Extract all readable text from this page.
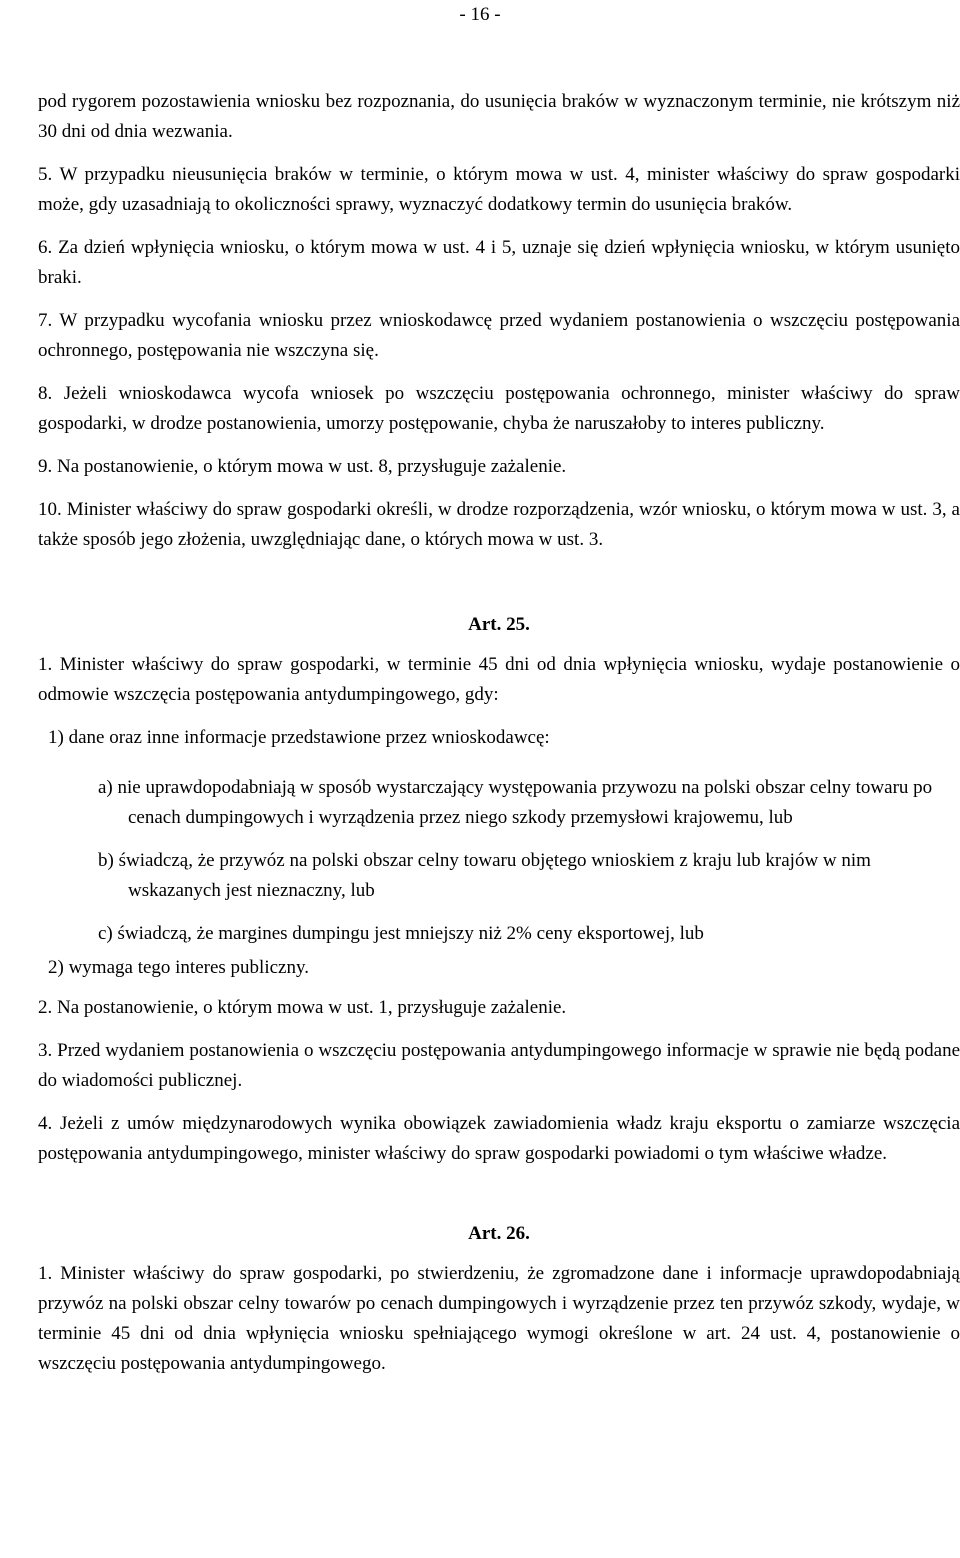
- 16 -

pod rygorem pozostawienia wniosku bez rozpoznania, do usunięcia braków w wyznaczonym terminie, nie krótszym niż 30 dni od dnia wezwania.

5. W przypadku nieusunięcia braków w terminie, o którym mowa w ust. 4, minister właściwy do spraw gospodarki może, gdy uzasadniają to okoliczności sprawy, wyznaczyć dodatkowy termin do usunięcia braków.

6. Za dzień wpłynięcia wniosku, o którym mowa w ust. 4 i 5, uznaje się dzień wpłynięcia wniosku, w którym usunięto braki.

7. W przypadku wycofania wniosku przez wnioskodawcę przed wydaniem postanowienia o wszczęciu postępowania ochronnego, postępowania nie wszczyna się.

8. Jeżeli wnioskodawca wycofa wniosek po wszczęciu postępowania ochronnego, minister właściwy do spraw gospodarki, w drodze postanowienia, umorzy postępowanie, chyba że naruszałoby to interes publiczny.

9. Na postanowienie, o którym mowa w ust. 8, przysługuje zażalenie.

10. Minister właściwy do spraw gospodarki określi, w drodze rozporządzenia, wzór wniosku, o którym mowa w ust. 3, a także sposób jego złożenia, uwzględniając dane, o których mowa w ust. 3.

Art. 25.

1. Minister właściwy do spraw gospodarki, w terminie 45 dni od dnia wpłynięcia wniosku, wydaje postanowienie o odmowie wszczęcia postępowania antydumpingowego, gdy:

1) dane oraz inne informacje przedstawione przez wnioskodawcę:

a) nie uprawdopodabniają w sposób wystarczający występowania przywozu na polski obszar celny towaru po cenach dumpingowych i wyrządzenia przez niego szkody przemysłowi krajowemu, lub

b) świadczą, że przywóz na polski obszar celny towaru objętego wnioskiem z kraju lub krajów w nim wskazanych jest nieznaczny, lub

c) świadczą, że margines dumpingu jest mniejszy niż 2% ceny eksportowej, lub

2) wymaga tego interes publiczny.

2. Na postanowienie, o którym mowa w ust. 1, przysługuje zażalenie.

3. Przed wydaniem postanowienia o wszczęciu postępowania antydumpingowego informacje w sprawie nie będą podane do wiadomości publicznej.

4. Jeżeli z umów międzynarodowych wynika obowiązek zawiadomienia władz kraju eksportu o zamiarze wszczęcia postępowania antydumpingowego, minister właściwy do spraw gospodarki powiadomi o tym właściwe władze.

Art. 26.

1. Minister właściwy do spraw gospodarki, po stwierdzeniu, że zgromadzone dane i informacje uprawdopodabniają przywóz na polski obszar celny towarów po cenach dumpingowych i wyrządzenie przez ten przywóz szkody, wydaje, w terminie 45 dni od dnia wpłynięcia wniosku spełniającego wymogi określone w art. 24 ust. 4, postanowienie o wszczęciu postępowania antydumpingowego.
